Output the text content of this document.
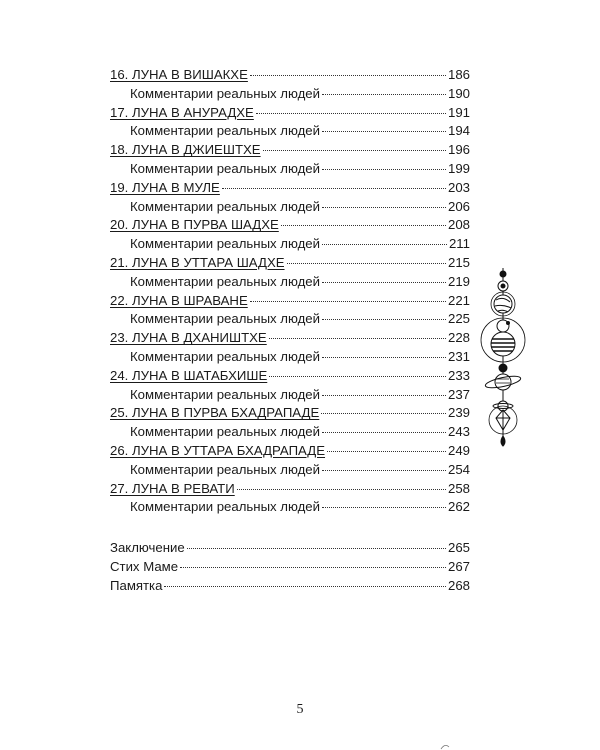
16. ЛУНА В ВИШАКХЕ	186
Комментарии реальных людей	190
17. ЛУНА В АНУРАДХЕ	191
Комментарии реальных людей	194
18. ЛУНА В ДЖИЕШТХЕ	196
Комментарии реальных людей	199
19. ЛУНА В МУЛЕ	203
Комментарии реальных людей	206
20. ЛУНА В ПУРВА ШАДХЕ	208
Комментарии реальных людей	211
21. ЛУНА В УТТАРА ШАДХЕ	215
Комментарии реальных людей	219
22. ЛУНА В ШРАВАНЕ	221
Комментарии реальных людей	225
23. ЛУНА В ДХАНИШТХЕ	228
Комментарии реальных людей	231
24. ЛУНА В ШАТАБХИШЕ	233
Комментарии реальных людей	237
25. ЛУНА В ПУРВА БХАДРАПАДЕ	239
Комментарии реальных людей	243
26. ЛУНА В УТТАРА БХАДРАПАДЕ	249
Комментарии реальных людей	254
27. ЛУНА В РЕВАТИ	258
Комментарии реальных людей	262
Заключение	265
Стих Маме	267
Памятка	268
5
